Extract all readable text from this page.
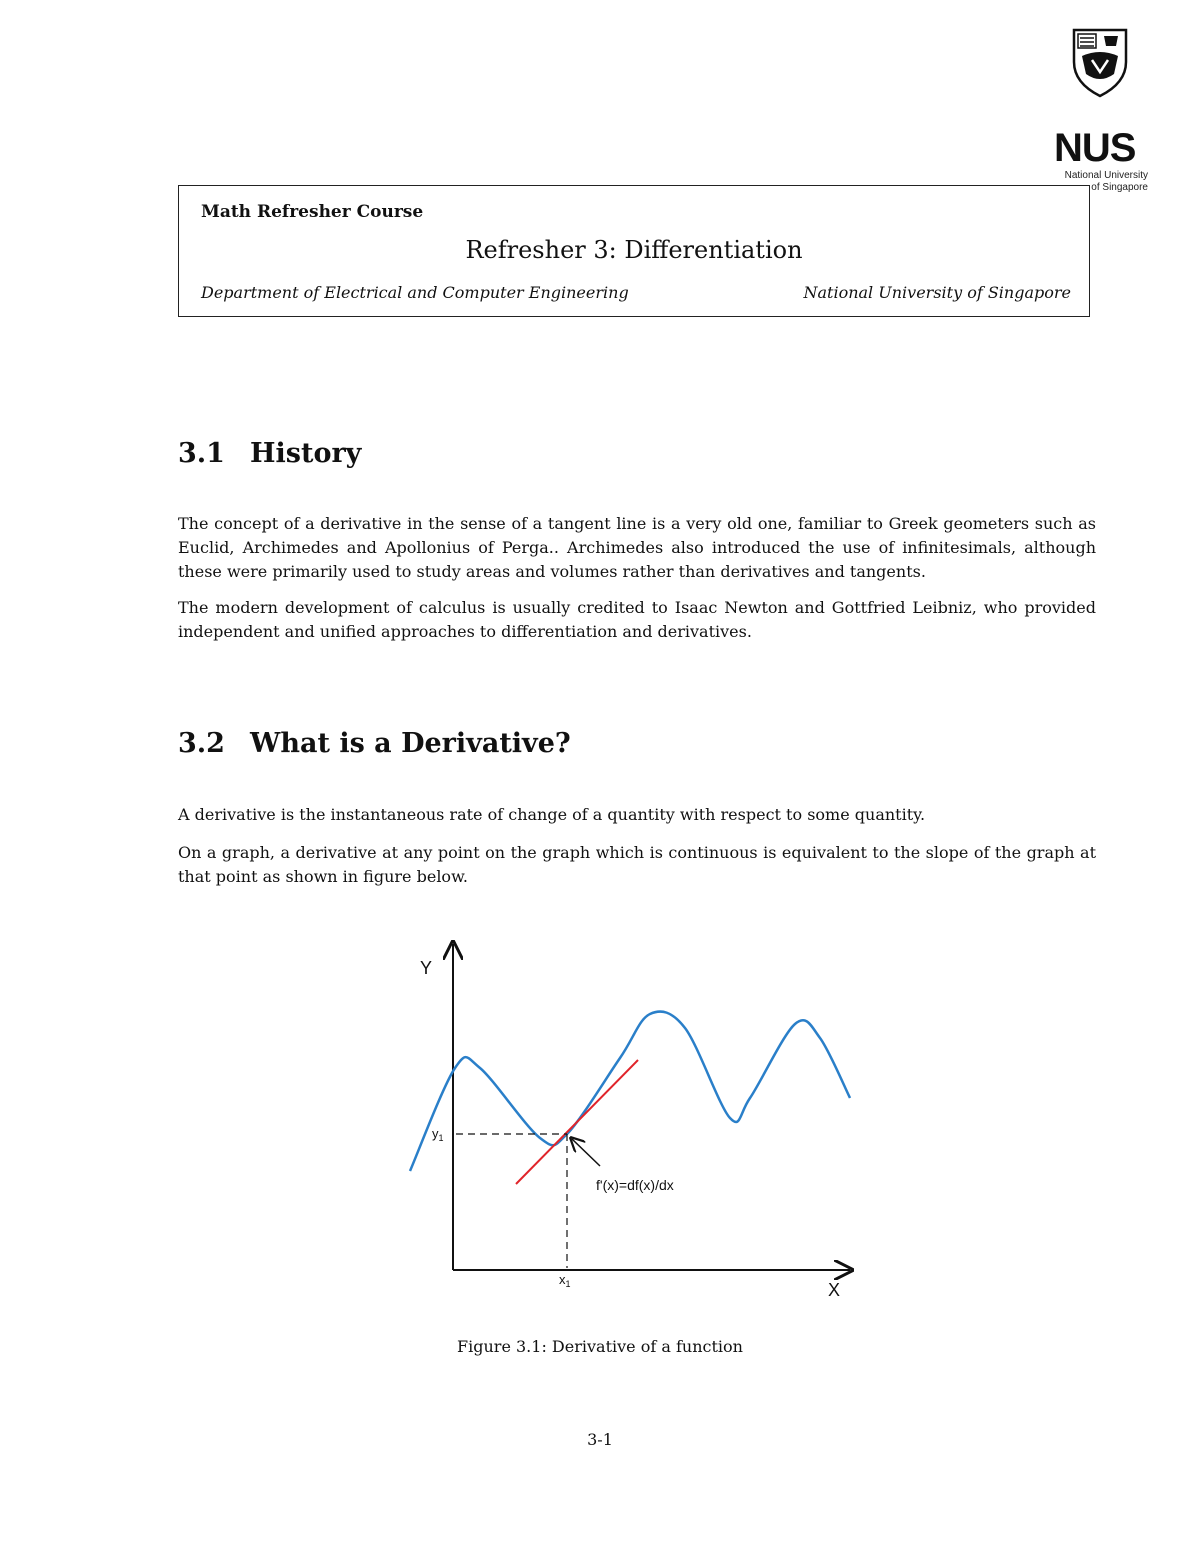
NUS
National University
of Singapore
Math Refresher Course
Refresher 3: Differentiation
Department of Electrical and Computer Engineering	National University of Singapore
3.1 History

The concept of a derivative in the sense of a tangent line is a very old one, familiar to Greek geometers such as Euclid, Archimedes and Apollonius of Perga.. Archimedes also introduced the use of infinitesimals, although these were primarily used to study areas and volumes rather than derivatives and tangents.

The modern development of calculus is usually credited to Isaac Newton and Gottfried Leibniz, who provided independent and unified approaches to differentiation and derivatives.

3.2 What is a Derivative?

A derivative is the instantaneous rate of change of a quantity with respect to some quantity.

On a graph, a derivative at any point on the graph which is continuous is equivalent to the slope of the graph at that point as shown in figure below.

Y
X
$y_1$
$x_1$
f'(x)=df(x)/dx
Figure 3.1: Derivative of a function
3-1
